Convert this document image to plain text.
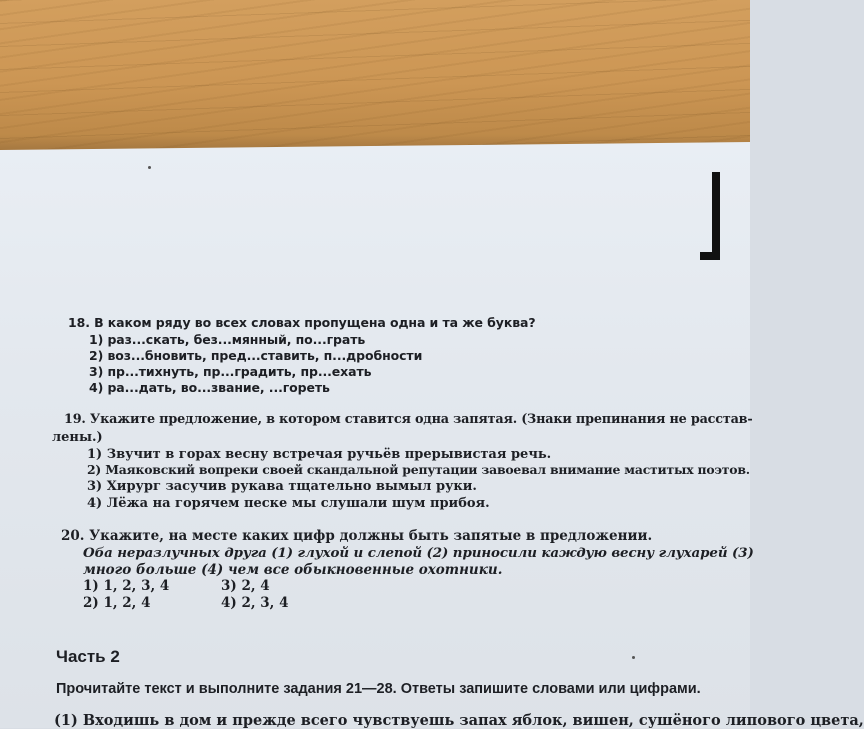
18. В каком ряду во всех словах пропущена одна и та же буква?
1) раз...скать, без...мянный, по...грать
2) воз...бновить, пред...ставить, п...дробности
3) пр...тихнуть, пр...градить, пр...ехать
4) ра...дать, во...звание, ...гореть
19. Укажите предложение, в котором ставится одна запятая. (Знаки препинания не расстав-
лены.)
1) Звучит в горах весну встречая ручьёв прерывистая речь.
2) Маяковский вопреки своей скандальной репутации завоевал внимание маститых поэтов.
3) Хирург засучив рукава тщательно вымыл руки.
4) Лёжа на горячем песке мы слушали шум прибоя.
20. Укажите, на месте каких цифр должны быть запятые в предложении.
Оба неразлучных друга (1) глухой и слепой (2) приносили каждую весну глухарей (3)
много больше (4) чем все обыкновенные охотники.
1) 1, 2, 3, 4	3) 2, 4
2) 1, 2, 4	4) 2, 3, 4
Часть 2
Прочитайте текст и выполните задания 21—28. Ответы запишите словами или цифрами.
(1) Входишь в дом и прежде всего чувствуешь запах яблок, вишен, сушёного липового цвета,
